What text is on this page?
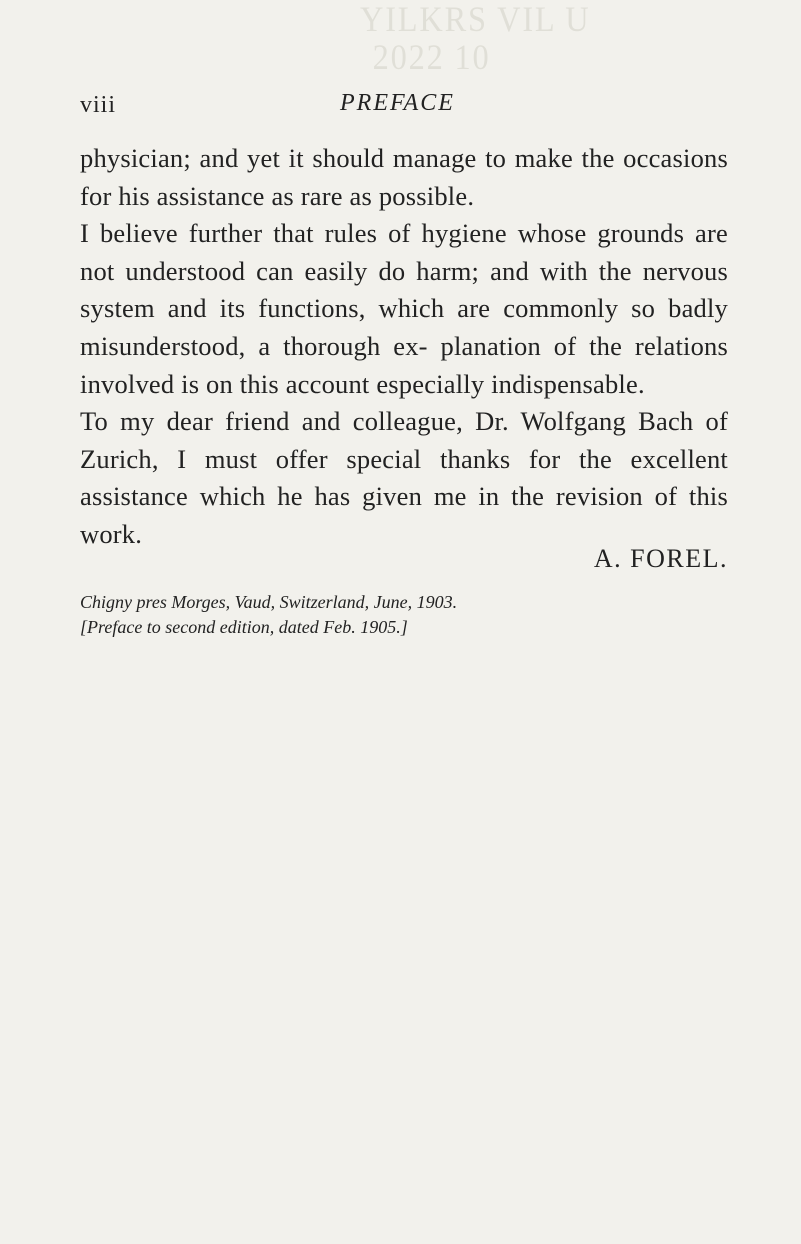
YILKRS VIL U
2022 10
viii	PREFACE

physician; and yet it should manage to make the occasions for his assistance as rare as possible.

I believe further that rules of hygiene whose grounds are not understood can easily do harm; and with the nervous system and its functions, which are commonly so badly misunderstood, a thorough ex- planation of the relations involved is on this account especially indispensable.

To my dear friend and colleague, Dr. Wolfgang Bach of Zurich, I must offer special thanks for the excellent assistance which he has given me in the revision of this work.

A. FOREL.
Chigny pres Morges, Vaud, Switzerland, June, 1903.
[Preface to second edition, dated Feb. 1905.]
